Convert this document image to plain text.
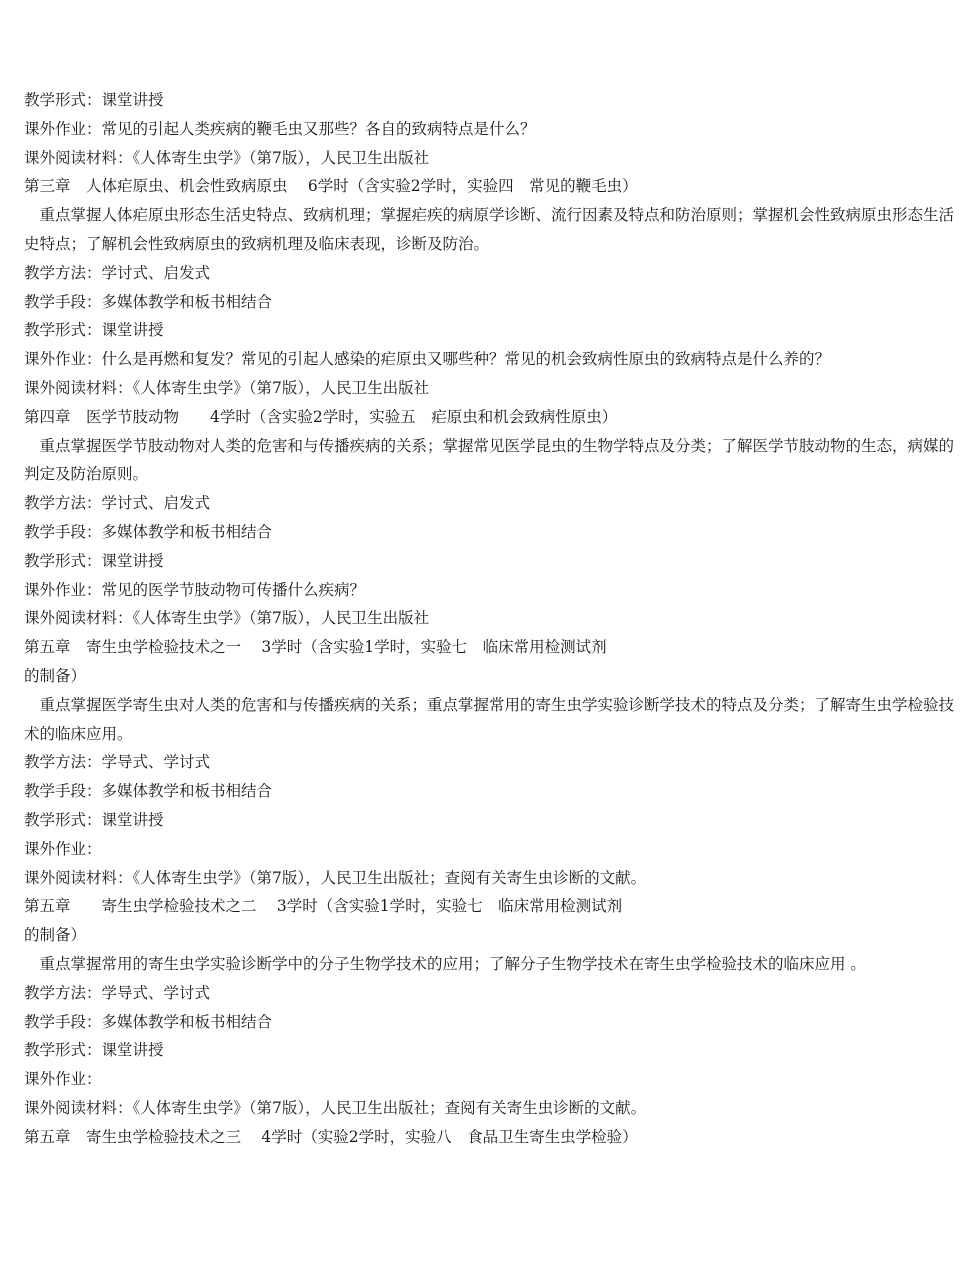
教学形式：课堂讲授
课外作业：常见的引起人类疾病的鞭毛虫又那些？各自的致病特点是什么？
课外阅读材料：《人体寄生虫学》（第7版），人民卫生出版社
第三章　人体疟原虫、机会性致病原虫　 6学时（含实验2学时，实验四　常见的鞭毛虫）
重点掌握人体疟原虫形态生活史特点、致病机理；掌握疟疾的病原学诊断、流行因素及特点和防治原则；掌握机会性致病原虫形态生活史特点；了解机会性致病原虫的致病机理及临床表现，诊断及防治。
教学方法：学讨式、启发式
教学手段：多媒体教学和板书相结合
教学形式：课堂讲授
课外作业：什么是再燃和复发？常见的引起人感染的疟原虫又哪些种？常见的机会致病性原虫的致病特点是什么养的？
课外阅读材料：《人体寄生虫学》（第7版），人民卫生出版社
第四章　医学节肢动物　　4学时（含实验2学时，实验五　疟原虫和机会致病性原虫）
重点掌握医学节肢动物对人类的危害和与传播疾病的关系；掌握常见医学昆虫的生物学特点及分类；了解医学节肢动物的生态，病媒的判定及防治原则。
教学方法：学讨式、启发式
教学手段：多媒体教学和板书相结合
教学形式：课堂讲授
课外作业：常见的医学节肢动物可传播什么疾病？
课外阅读材料：《人体寄生虫学》（第7版），人民卫生出版社
第五章　寄生虫学检验技术之一　 3学时（含实验1学时，实验七　临床常用检测试剂
的制备）
重点掌握医学寄生虫对人类的危害和与传播疾病的关系；重点掌握常用的寄生虫学实验诊断学技术的特点及分类；了解寄生虫学检验技术的临床应用。
教学方法：学导式、学讨式
教学手段：多媒体教学和板书相结合
教学形式：课堂讲授
课外作业：
课外阅读材料：《人体寄生虫学》（第7版），人民卫生出版社；查阅有关寄生虫诊断的文献。
第五章　　寄生虫学检验技术之二　 3学时（含实验1学时，实验七　临床常用检测试剂
的制备）
重点掌握常用的寄生虫学实验诊断学中的分子生物学技术的应用；了解分子生物学技术在寄生虫学检验技术的临床应用 。
教学方法：学导式、学讨式
教学手段：多媒体教学和板书相结合
教学形式：课堂讲授
课外作业：
课外阅读材料：《人体寄生虫学》（第7版），人民卫生出版社；查阅有关寄生虫诊断的文献。
第五章　寄生虫学检验技术之三　 4学时（实验2学时，实验八　食品卫生寄生虫学检验）
